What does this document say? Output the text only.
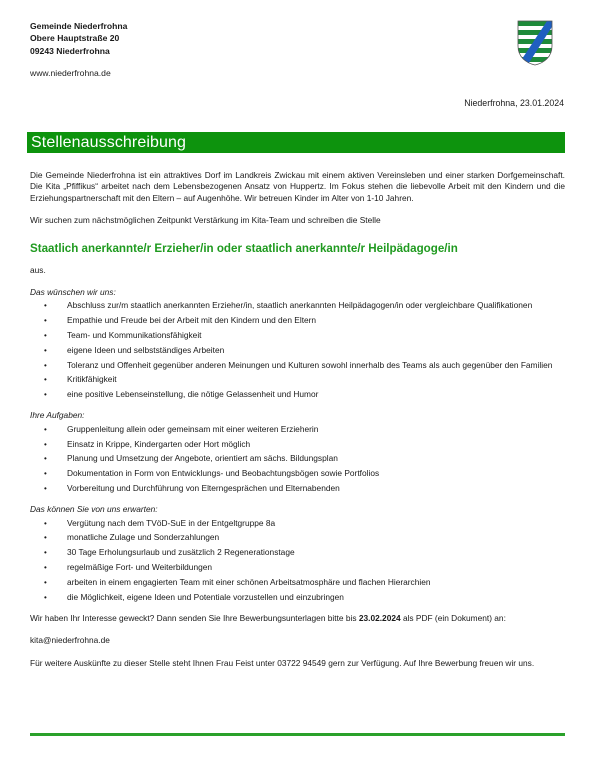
Gemeinde Niederfrohna
Obere Hauptstraße 20
09243 Niederfrohna
www.niederfrohna.de
Niederfrohna, 23.01.2024
Stellenausschreibung

Die Gemeinde Niederfrohna ist ein attraktives Dorf im Landkreis Zwickau mit einem aktiven Vereinsleben und einer starken Dorfgemeinschaft. Die Kita „Pfiffikus“ arbeitet nach dem Lebensbezogenen Ansatz von Huppertz. Im Fokus stehen die liebevolle Arbeit mit den Kindern und die Erziehungspartnerschaft mit den Eltern – auf Augenhöhe. Wir betreuen Kinder im Alter von 1-10 Jahren.

Wir suchen zum nächstmöglichen Zeitpunkt Verstärkung im Kita-Team und schreiben die Stelle

Staatlich anerkannte/r Erzieher/in oder staatlich anerkannte/r Heilpädagoge/in

aus.

Das wünschen wir uns:

• Abschluss zur/m staatlich anerkannten Erzieher/in, staatlich anerkannten Heilpädagogen/in oder vergleichbare Qualifikationen
• Empathie und Freude bei der Arbeit mit den Kindern und den Eltern
• Team- und Kommunikationsfähigkeit
• eigene Ideen und selbstständiges Arbeiten
• Toleranz und Offenheit gegenüber anderen Meinungen und Kulturen sowohl innerhalb des Teams als auch gegenüber den Familien
• Kritikfähigkeit
• eine positive Lebenseinstellung, die nötige Gelassenheit und Humor

Ihre Aufgaben:

• Gruppenleitung allein oder gemeinsam mit einer weiteren Erzieherin
• Einsatz in Krippe, Kindergarten oder Hort möglich
• Planung und Umsetzung der Angebote, orientiert am sächs. Bildungsplan
• Dokumentation in Form von Entwicklungs- und Beobachtungsbögen sowie Portfolios
• Vorbereitung und Durchführung von Elterngesprächen und Elternabenden

Das können Sie von uns erwarten:

• Vergütung nach dem TVöD-SuE in der Entgeltgruppe 8a
• monatliche Zulage und Sonderzahlungen
• 30 Tage Erholungsurlaub und zusätzlich 2 Regenerationstage
• regelmäßige Fort- und Weiterbildungen
• arbeiten in einem engagierten Team mit einer schönen Arbeitsatmosphäre und flachen Hierarchien
• die Möglichkeit, eigene Ideen und Potentiale vorzustellen und einzubringen

Wir haben Ihr Interesse geweckt? Dann senden Sie Ihre Bewerbungsunterlagen bitte bis 23.02.2024 als PDF (ein Dokument) an:

kita@niederfrohna.de

Für weitere Auskünfte zu dieser Stelle steht Ihnen Frau Feist unter 03722 94549 gern zur Verfügung. Auf Ihre Bewerbung freuen wir uns.
